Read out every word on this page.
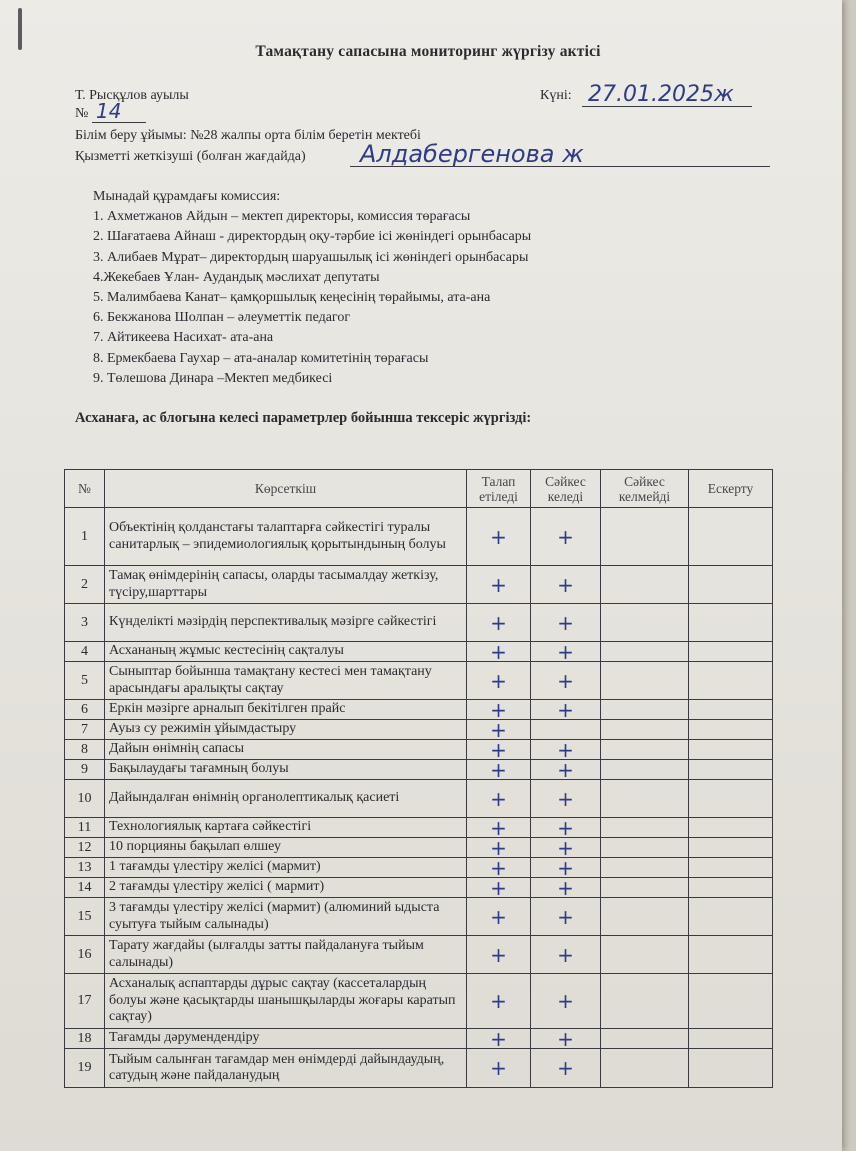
Тамақтану сапасына мониторинг жүргізу актісі
Т. Рысқұлов ауылы	Күні: 27.01.2025ж
№ 14
Білім беру ұйымы: №28 жалпы орта білім беретін мектебі
Қызметті жеткізуші (болған жағдайда) Алдабергенова ж
Мынадай құрамдағы комиссия:
1. Ахметжанов Айдын – мектеп директоры, комиссия төрағасы
2. Шағатаева Айнаш - директордың оқу-тәрбие ісі жөніндегі орынбасары
3. Алибаев Мұрат– директордың шаруашылық ісі жөніндегі орынбасары
4.Жекебаев Ұлан- Аудандық мәслихат депутаты
5. Малимбаева Канат– қамқоршылық кеңесінің төрайымы, ата-ана
6. Бекжанова Шолпан – әлеуметтік педагог
7. Айтикеева Насихат- ата-ана
8. Ермекбаева Гаухар – ата-аналар комитетінің төрағасы
9. Төлешова Динара –Мектеп медбикесі
Асханаға, ас блогына келесі параметрлер бойынша тексеріс жүргізді:
№	Көрсеткіш	Талап етіледі	Сәйкес келеді	Сәйкес келмейді	Ескерту
1	Объектінің қолданстағы талаптарға сәйкестігі туралы санитарлық – эпидемиологиялық қорытындының болуы	+	+		
2	Тамақ өнімдерінің сапасы, оларды тасымалдау жеткізу, түсіру,шарттары	+	+		
3	Күнделікті мәзірдің перспективалық мәзірге сәйкестігі	+	+		
4	Асхананың жұмыс кестесінің сақталуы	+	+		
5	Сыныптар бойынша тамақтану кестесі мен тамақтану арасындағы аралықты сақтау	+	+		
6	Еркін мәзірге арналып бекітілген прайс	+	+		
7	Ауыз су режимін ұйымдастыру	+			
8	Дайын өнімнің сапасы	+	+		
9	Бақылаудағы тағамның болуы	+	+		
10	Дайындалған өнімнің органолептикалық қасиеті	+	+		
11	Технологиялық картаға сәйкестігі	+	+		
12	10 порцияны бақылап өлшеу	+	+		
13	1 тағамды үлестіру желісі (мармит)	+	+		
14	2 тағамды үлестіру желісі ( мармит)	+	+		
15	3 тағамды үлестіру желісі (мармит) (алюминий ыдыста суытуға тыйым салынады)	+	+		
16	Тарату жағдайы (ылғалды затты пайдалануға тыйым салынады)	+	+		
17	Асханалық аспаптарды дұрыс сақтау (кассеталардың болуы және қасықтарды шанышқыларды жоғары каратып сақтау)	+	+		
18	Тағамды дәрумендендіру	+	+		
19	Тыйым салынған тағамдар мен өнімдерді дайындаудың, сатудың және пайдаланудың	+	+		
